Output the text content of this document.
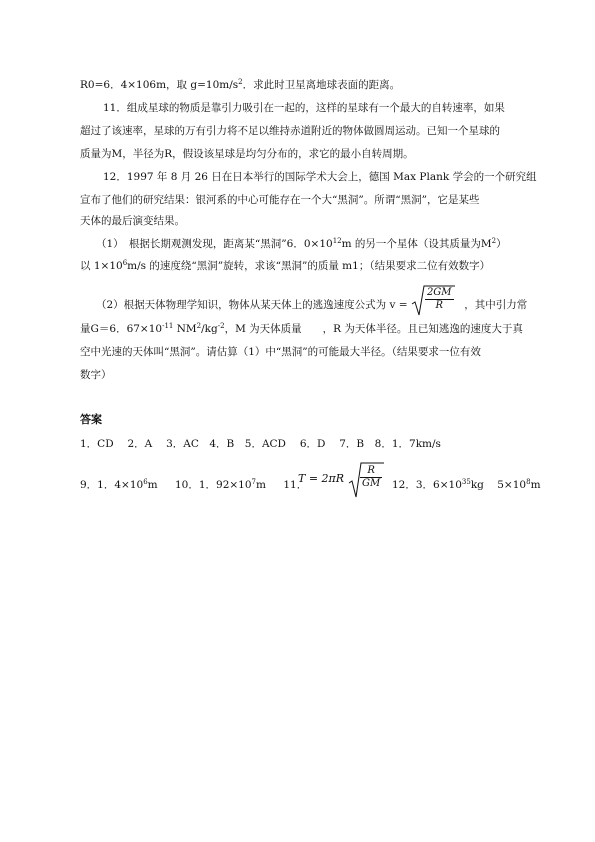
R0=6．4×106m，取 $g=10m/s^2$．求此时卫星离地球表面的距离。
11．组成星球的物质是靠引力吸引在一起的，这样的星球有一个最大的自转速率，如果
超过了该速率，星球的万有引力将不足以维持赤道附近的物体做圆周运动。已知一个星球的
质量为M，半径为R，假设该星球是均匀分布的，求它的最小自转周期。
12．1997 年 8 月 26 日在日本举行的国际学术大会上，德国 Max Plank 学会的一个研究组
宣布了他们的研究结果：银河系的中心可能存在一个大“黑洞”。所谓“黑洞”，它是某些
天体的最后演变结果。
（1）　根据长期观测发现，距离某“黑洞”6．$0\times 10^{12}m$ 的另一个星体（设其质量为$M^2$）
以 $1\times 10^6m/s$ 的速度绕“黑洞”旋转，求该“黑洞”的质量 m1；（结果要求二位有效数字）
（2）根据天体物理学知识，物体从某天体上的逃逸速度公式为 $v = \frac{2GM}{R}$ ，其中引力常
量G＝6．$67\times 10^{-11}$ $NM^2/kg^{-2}$，M 为天体质量　　，R 为天体半径。且已知逃逸的速度大于真
空中光速的天体叫“黑洞”。请估算（1）中“黑洞”的可能最大半径。（结果要求一位有效
数字）
答案
1．CD　 2．A　 3．AC　4．B　5．ACD　 6．D　 7．B　8．1．7km/s
9．1．$4\times 10^6m$ 10．1．$92\times 10^7m$ 11．
$T = 2\pi R \frac{R}{GM} 12$．3．$6\times 10^{35}kg$ $5\times 10^8m$
